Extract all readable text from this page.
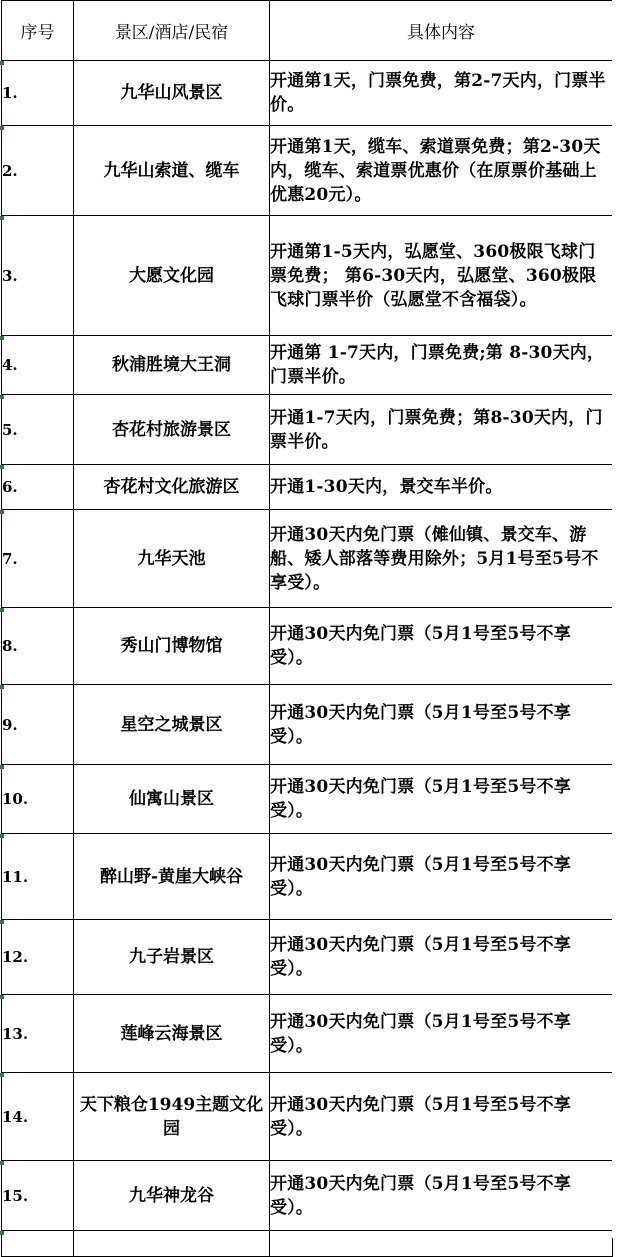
序号	景区/酒店/民宿	具体内容
1.	九华山风景区	开通第1天，门票免费，第2-7天内，门票半价。
2.	九华山索道、缆车	开通第1天，缆车、索道票免费；第2-30天内，缆车、索道票优惠价（在原票价基础上优惠20元）。
3.	大愿文化园	开通第1-5天内，弘愿堂、360极限飞球门票免费； 第6-30天内，弘愿堂、360极限飞球门票半价（弘愿堂不含福袋）。
4.	秋浦胜境大王洞	开通第 1-7天内，门票免费;第 8-30天内，门票半价。
5.	杏花村旅游景区	开通1-7天内，门票免费；第8-30天内，门票半价。
6.	杏花村文化旅游区	开通1-30天内，景交车半价。
7.	九华天池	开通30天内免门票（傩仙镇、景交车、游船、矮人部落等费用除外；5月1号至5号不享受）。
8.	秀山门博物馆	开通30天内免门票（5月1号至5号不享受）。
9.	星空之城景区	开通30天内免门票（5月1号至5号不享受）。
10.	仙寓山景区	开通30天内免门票（5月1号至5号不享受）。
11.	醉山野-黄崖大峡谷	开通30天内免门票（5月1号至5号不享受）。
12.	九子岩景区	开通30天内免门票（5月1号至5号不享受）。
13.	莲峰云海景区	开通30天内免门票（5月1号至5号不享受）。
14.	天下粮仓1949主题文化园	开通30天内免门票（5月1号至5号不享受）。
15.	九华神龙谷	开通30天内免门票（5月1号至5号不享受）。
